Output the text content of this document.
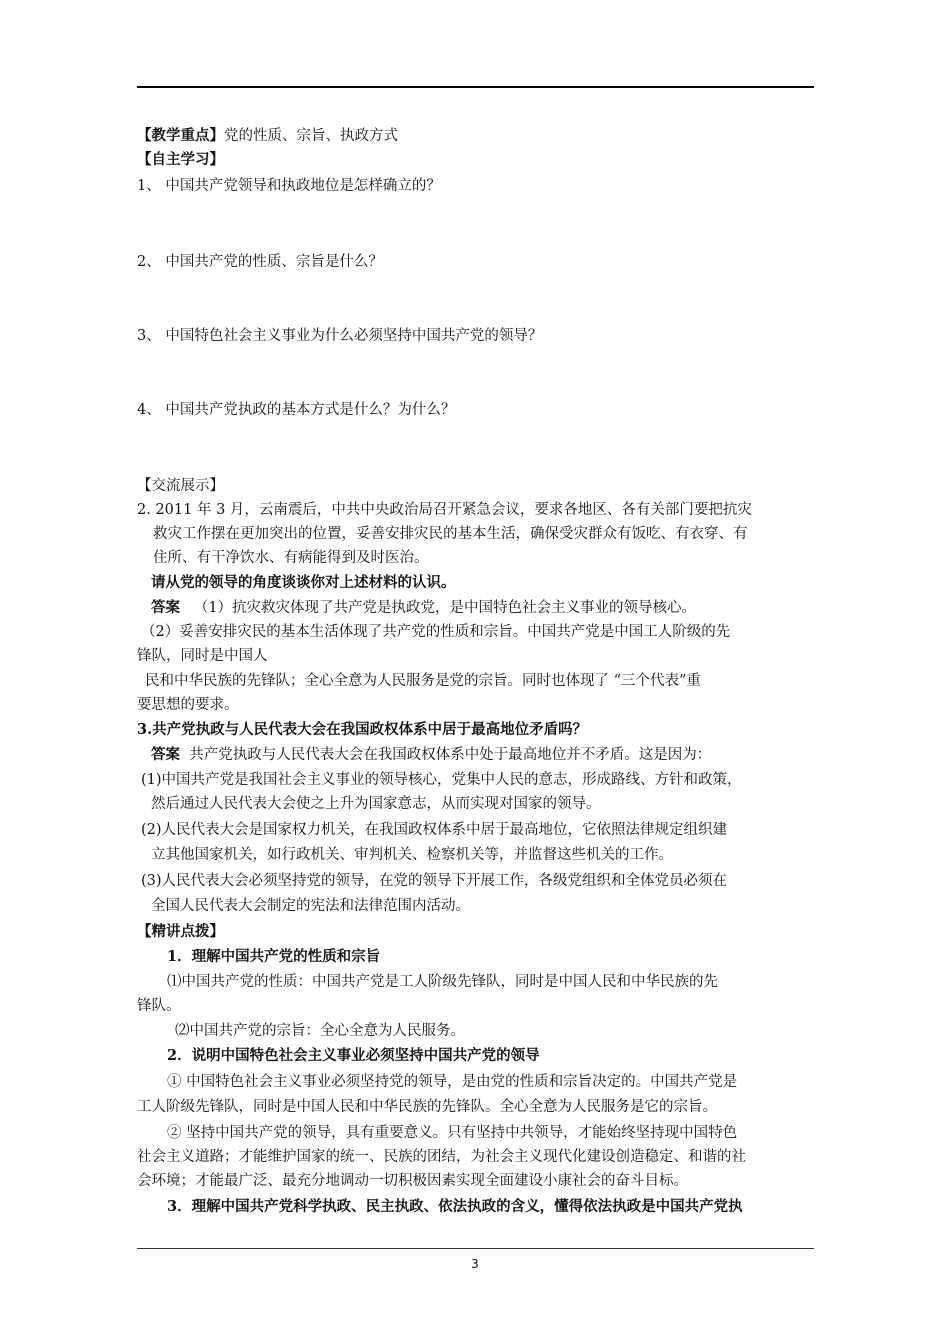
【教学重点】党的性质、宗旨、执政方式
【自主学习】
1、 中国共产党领导和执政地位是怎样确立的？
2、 中国共产党的性质、宗旨是什么？
3、 中国特色社会主义事业为什么必须坚持中国共产党的领导？
4、 中国共产党执政的基本方式是什么？为什么？
【交流展示】
2. 2011 年 3 月，云南震后，中共中央政治局召开紧急会议，要求各地区、各有关部门要把抗灾
救灾工作摆在更加突出的位置，妥善安排灾民的基本生活，确保受灾群众有饭吃、有衣穿、有
住所、有干净饮水、有病能得到及时医治。
请从党的领导的角度谈谈你对上述材料的认识。
答案 （1）抗灾救灾体现了共产党是执政党，是中国特色社会主义事业的领导核心。
（2）妥善安排灾民的基本生活体现了共产党的性质和宗旨。中国共产党是中国工人阶级的先
锋队，同时是中国人
民和中华民族的先锋队；全心全意为人民服务是党的宗旨。同时也体现了 “三个代表”重
要思想的要求。
3.共产党执政与人民代表大会在我国政权体系中居于最高地位矛盾吗？
答案 共产党执政与人民代表大会在我国政权体系中处于最高地位并不矛盾。这是因为：
(1)中国共产党是我国社会主义事业的领导核心，党集中人民的意志，形成路线、方针和政策，
然后通过人民代表大会使之上升为国家意志，从而实现对国家的领导。
(2)人民代表大会是国家权力机关，在我国政权体系中居于最高地位，它依照法律规定组织建
立其他国家机关，如行政机关、审判机关、检察机关等，并监督这些机关的工作。
(3)人民代表大会必须坚持党的领导，在党的领导下开展工作，各级党组织和全体党员必须在
全国人民代表大会制定的宪法和法律范围内活动。
【精讲点拨】
1．理解中国共产党的性质和宗旨
⑴中国共产党的性质：中国共产党是工人阶级先锋队，同时是中国人民和中华民族的先
锋队。
⑵中国共产党的宗旨：全心全意为人民服务。
2．说明中国特色社会主义事业必须坚持中国共产党的领导
① 中国特色社会主义事业必须坚持党的领导，是由党的性质和宗旨决定的。中国共产党是
工人阶级先锋队，同时是中国人民和中华民族的先锋队。全心全意为人民服务是它的宗旨。
② 坚持中国共产党的领导，具有重要意义。只有坚持中共领导，才能始终坚持现中国特色
社会主义道路；才能维护国家的统一、民族的团结，为社会主义现代化建设创造稳定、和谐的社
会环境；才能最广泛、最充分地调动一切积极因素实现全面建设小康社会的奋斗目标。
3．理解中国共产党科学执政、民主执政、依法执政的含义，懂得依法执政是中国共产党执
3
